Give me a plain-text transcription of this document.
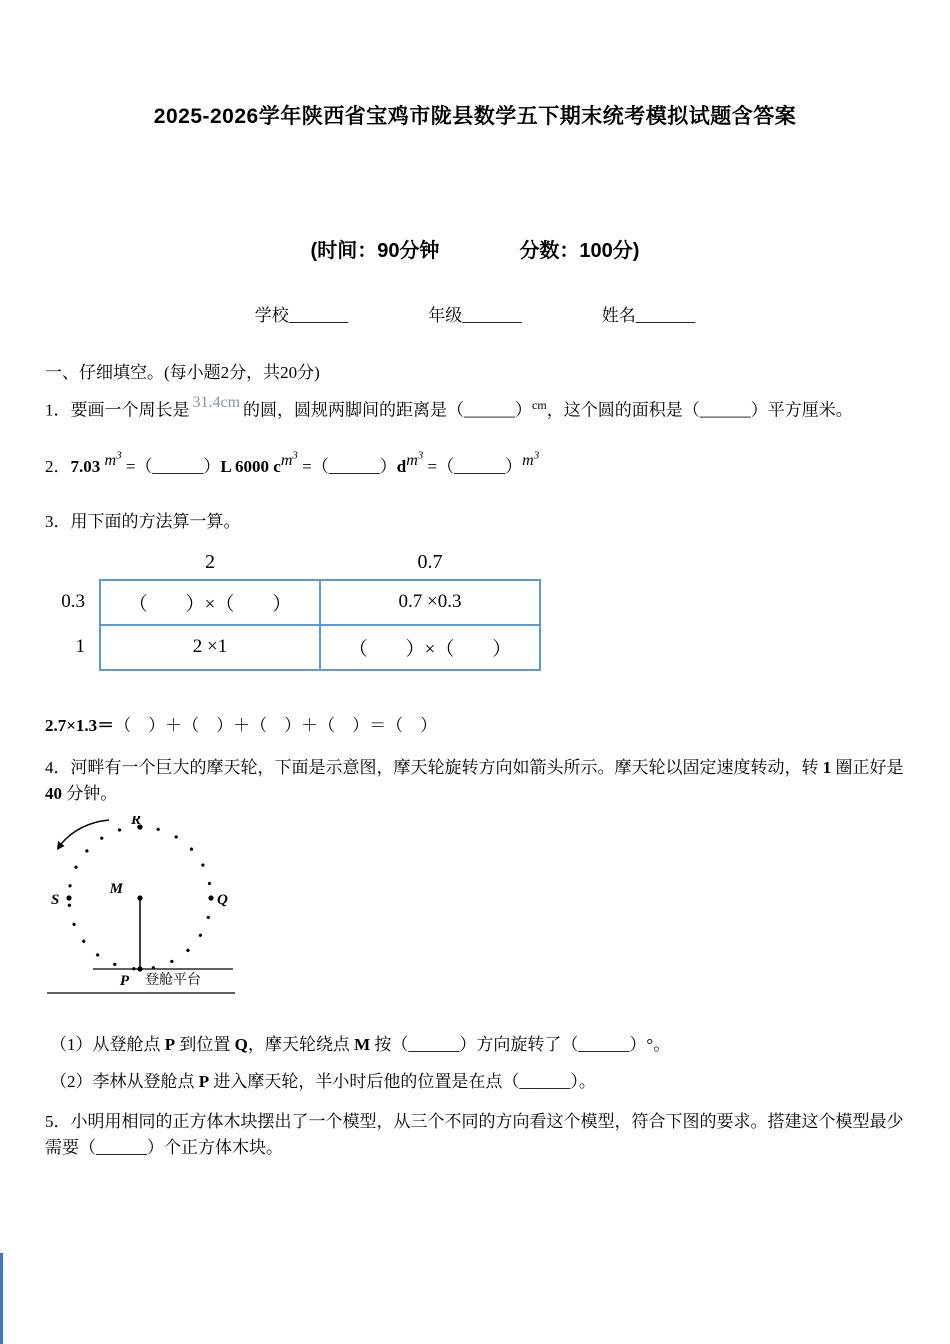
2025-2026学年陕西省宝鸡市陇县数学五下期末统考模拟试题含答案
(时间：90分钟	分数：100分)
学校_______	年级_______	姓名_______
一、仔细填空。(每小题2分，共20分)

1．要画一个周长是 31.4cm 的圆，圆规两脚间的距离是（______）$^{cm}$，这个圆的面积是（______）平方厘米。

2．7.03 $m^3$ =（______）L 6000 $cm^3$ $=(\_\_\_\_\_\_)dm^3$ $=(\_\_\_\_\_\_)m^3$

3．用下面的方法算一算。

	2	0.7
0.3	（　　）×（　　）	0.7 ×0.3
1	2 ×1	（　　）×（　　）

2.7×1.3＝（　）＋（　）＋（　）＋（　）＝（　）

4．河畔有一个巨大的摩天轮，下面是示意图，摩天轮旋转方向如箭头所示。摩天轮以固定速度转动，转 1 圈正好是 40 分钟。

R
M
Q
S
P 登舱平台

（1）从登舱点 P 到位置 Q，摩天轮绕点 M 按（______）方向旋转了（______）°。

（2）李林从登舱点 P 进入摩天轮，半小时后他的位置是在点（______）。

5．小明用相同的正方体木块摆出了一个模型，从三个不同的方向看这个模型，符合下图的要求。搭建这个模型最少需要（______）个正方体木块。
